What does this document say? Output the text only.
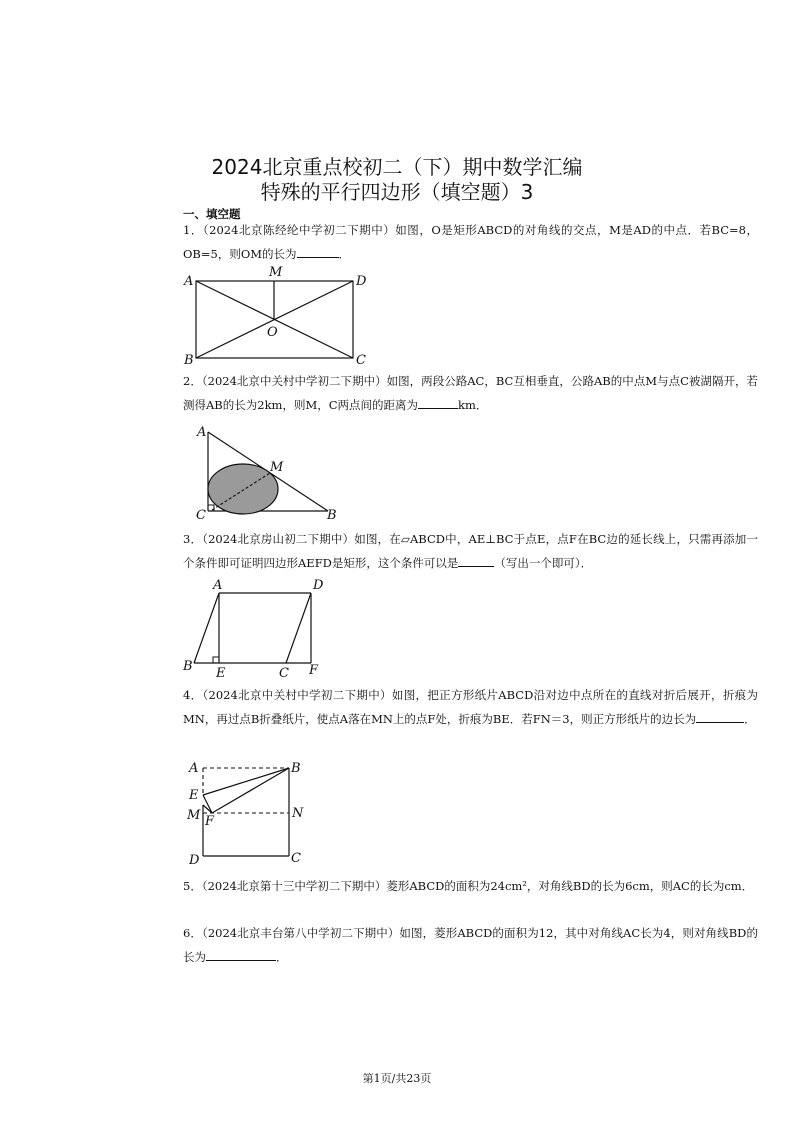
2024北京重点校初二（下）期中数学汇编
特殊的平行四边形（填空题）3
一、填空题
1．（2024北京陈经纶中学初二下期中）如图，O是矩形ABCD的对角线的交点，M是AD的中点．若BC=8，OB=5，则OM的长为	．
A
B	C
D
M
O
2．（2024北京中关村中学初二下期中）如图，两段公路AC，BC互相垂直，公路AB的中点M与点C被湖隔开，若测得AB的长为2km，则M，C两点间的距离为	km．
A
C	B
M
3．（2024北京房山初二下期中）如图，在▱ABCD中，AE⊥BC于点E，点F在BC边的延长线上，只需再添加一个条件即可证明四边形AEFD是矩形，这个条件可以是	（写出一个即可）．
A	D
B E	C F
4．（2024北京中关村中学初二下期中）如图，把正方形纸片ABCD沿对边中点所在的直线对折后展开，折痕为MN，再过点B折叠纸片，使点A落在MN上的点F处，折痕为BE．若FN＝3，则正方形纸片的边长为	．
A	B
E
M F
N
D	C
5．（2024北京第十三中学初二下期中）菱形ABCD的面积为24cm²，对角线BD的长为6cm，则AC的长为cm．
6．（2024北京丰台第八中学初二下期中）如图，菱形ABCD的面积为12，其中对角线AC长为4，则对角线BD的长为	．
第1页/共23页
